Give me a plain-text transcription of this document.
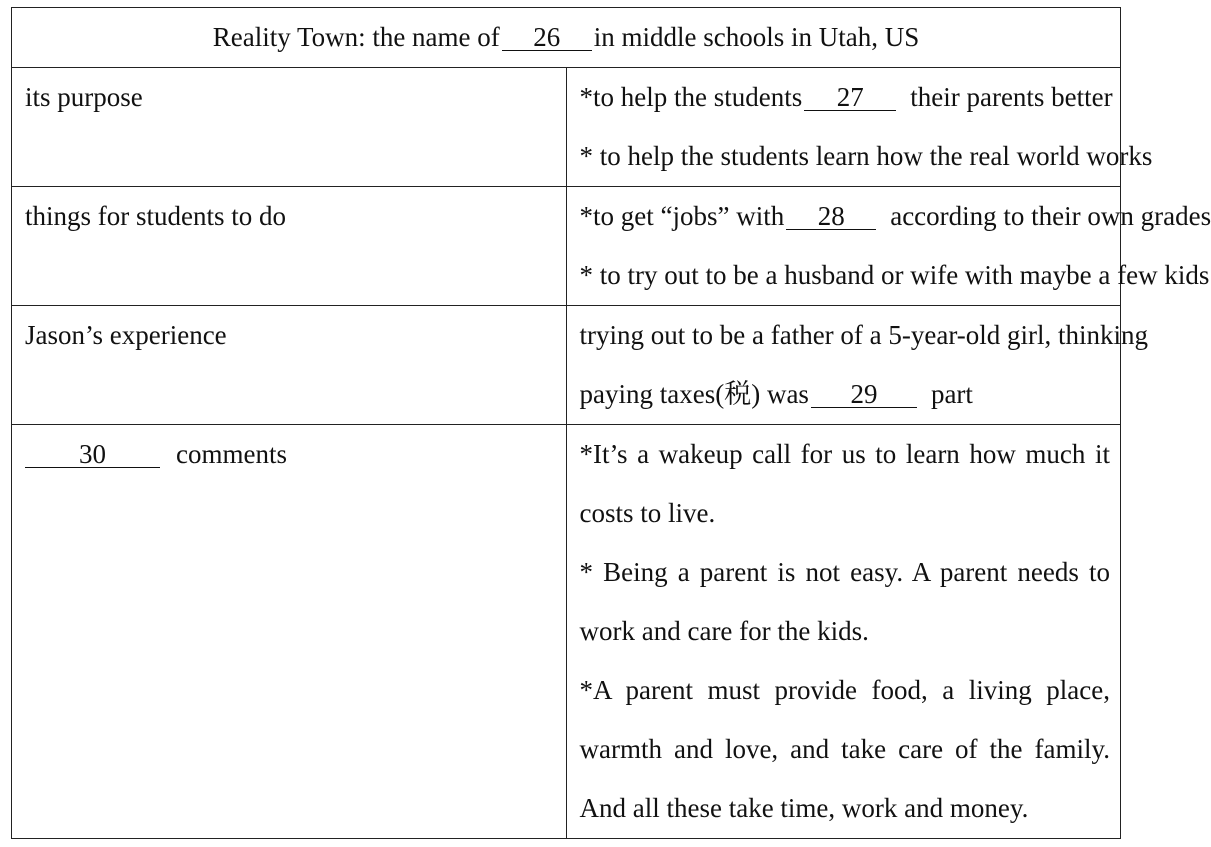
Reality Town: the name of 26 in middle schools in Utah, US	

its purpose	*to help the students 27 their parents better
* to help the students learn how the real world works

things for students to do	*to get “jobs” with 28 according to their own grades
* to try out to be a husband or wife with maybe a few kids

Jason’s experience	trying out to be a father of a 5-year-old girl, thinking
paying taxes(税) was 29 part

30 comments	*It’s a wakeup call for us to learn how much it costs to live.
* Being a parent is not easy. A parent needs to work and care for the kids.
*A parent must provide food, a living place, warmth and love, and take care of the family. And all these take time, work and money.
